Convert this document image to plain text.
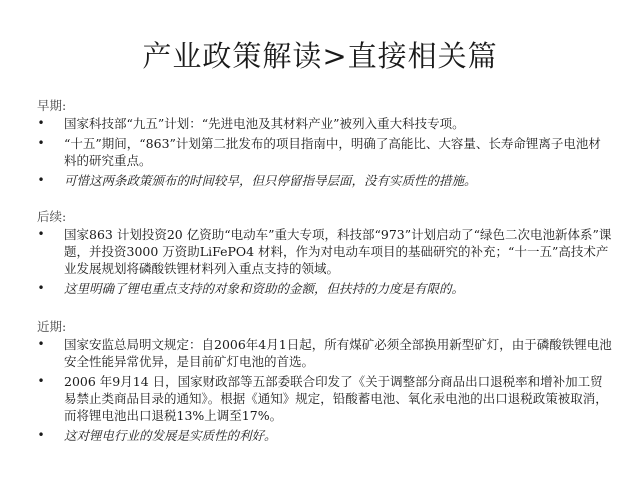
产业政策解读>直接相关篇
早期:
• 国家科技部“九五”计划：“先进电池及其材料产业”被列入重大科技专项。
• “十五”期间，“863”计划第二批发布的项目指南中，明确了高能比、大容量、长寿命锂离子电池材料的研究重点。
• 可惜这两条政策颁布的时间较早，但只停留指导层面，没有实质性的措施。
后续:
• 国家863 计划投资20 亿资助“电动车”重大专项，科技部“973”计划启动了“绿色二次电池新体系”课题，并投资3000 万资助LiFePO4 材料，作为对电动车项目的基础研究的补充；“十一五”高技术产业发展规划将磷酸铁锂材料列入重点支持的领域。
• 这里明确了锂电重点支持的对象和资助的金额，但扶持的力度是有限的。
近期:
• 国家安监总局明文规定：自2006年4月1日起，所有煤矿必须全部换用新型矿灯，由于磷酸铁锂电池安全性能异常优异，是目前矿灯电池的首选。
• 2006 年9月14 日，国家财政部等五部委联合印发了《关于调整部分商品出口退税率和增补加工贸易禁止类商品目录的通知》。根据《通知》规定，铅酸蓄电池、氧化汞电池的出口退税政策被取消，而将锂电池出口退税13%上调至17%。
• 这对锂电行业的发展是实质性的利好。
